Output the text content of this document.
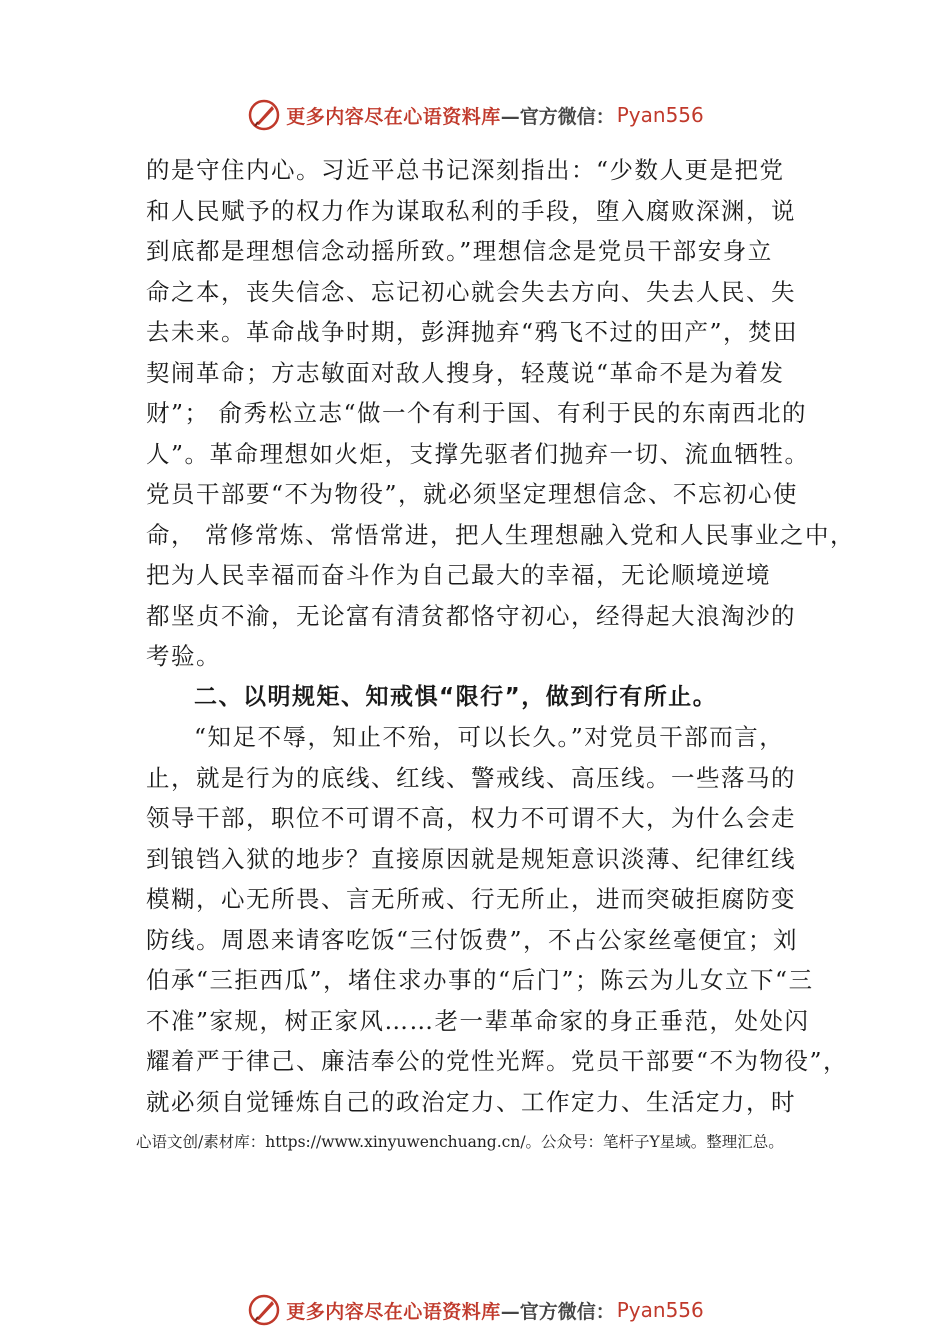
更多内容尽在心语资料库 —官方微信： Pyan556
的是守住内心。习近平总书记深刻指出：“少数人更是把党
和人民赋予的权力作为谋取私利的手段，堕入腐败深渊，说
到底都是理想信念动摇所致。”理想信念是党员干部安身立
命之本，丧失信念、忘记初心就会失去方向、失去人民、失
去未来。革命战争时期，彭湃抛弃“鸦飞不过的田产”，焚田
契闹革命；方志敏面对敌人搜身，轻蔑说“革命不是为着发
财”； 俞秀松立志“做一个有利于国、有利于民的东南西北的
人”。革命理想如火炬，支撑先驱者们抛弃一切、流血牺牲。
党员干部要“不为物役”，就必须坚定理想信念、不忘初心使
命， 常修常炼、常悟常进，把人生理想融入党和人民事业之中，
把为人民幸福而奋斗作为自己最大的幸福，无论顺境逆境
都坚贞不渝，无论富有清贫都恪守初心，经得起大浪淘沙的
考验。
二、以明规矩、知戒惧“限行”，做到行有所止。
“知足不辱，知止不殆，可以长久。”对党员干部而言，
止，就是行为的底线、红线、警戒线、高压线。一些落马的
领导干部，职位不可谓不高，权力不可谓不大，为什么会走
到锒铛入狱的地步？直接原因就是规矩意识淡薄、纪律红线
模糊，心无所畏、言无所戒、行无所止，进而突破拒腐防变
防线。周恩来请客吃饭“三付饭费”，不占公家丝毫便宜；刘
伯承“三拒西瓜”，堵住求办事的“后门”；陈云为儿女立下“三
不准”家规，树正家风……老一辈革命家的身正垂范，处处闪
耀着严于律己、廉洁奉公的党性光辉。党员干部要“不为物役”，
就必须自觉锤炼自己的政治定力、工作定力、生活定力，时
心语文创/素材库：https://www.xinyuwenchuang.cn/。公众号：笔杆子Y星域。整理汇总。
更多内容尽在心语资料库 —官方微信： Pyan556
